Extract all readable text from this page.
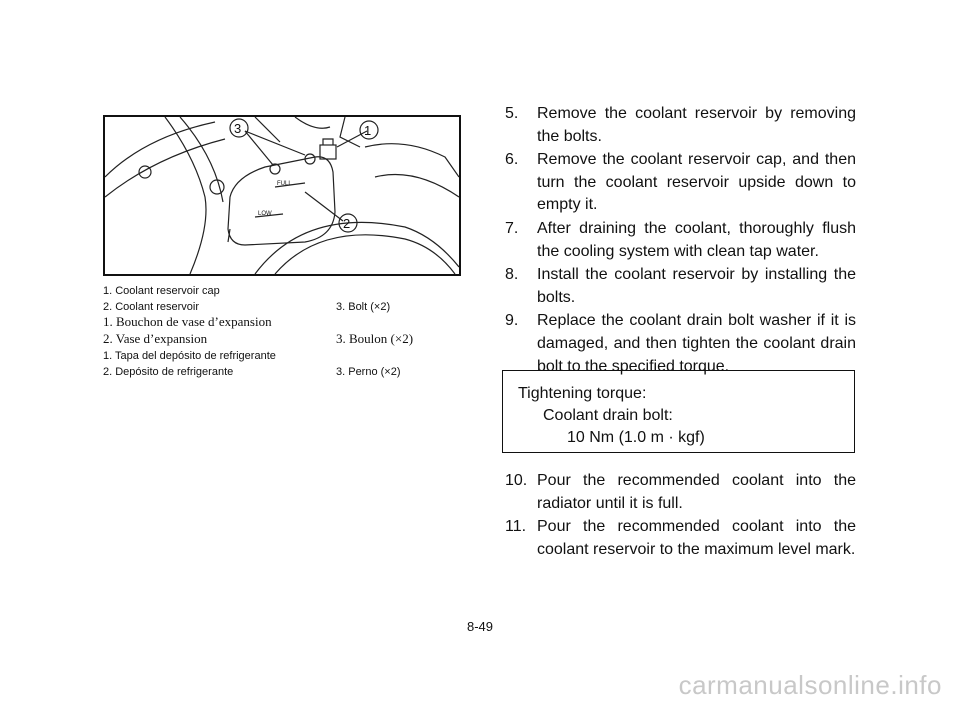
3	1
2
FULL
LOW
1. Coolant reservoir cap
2. Coolant reservoir	3. Bolt (×2)
1. Bouchon de vase d’expansion
2. Vase d’expansion	3. Boulon (×2)
1. Tapa del depósito de refrigerante
2. Depósito de refrigerante	3. Perno (×2)
5. Remove the coolant reservoir by removing the bolts.
6. Remove the coolant reservoir cap, and then turn the coolant reservoir upside down to empty it.
7. After draining the coolant, thoroughly flush the cooling system with clean tap water.
8. Install the coolant reservoir by installing the bolts.
9. Replace the coolant drain bolt washer if it is damaged, and then tighten the coolant drain bolt to the specified torque.
Tightening torque:
Coolant drain bolt:
10 Nm (1.0 m · kgf)
10. Pour the recommended coolant into the radiator until it is full.
11. Pour the recommended coolant into the coolant reservoir to the maximum level mark.
8-49
carmanualsonline.info
